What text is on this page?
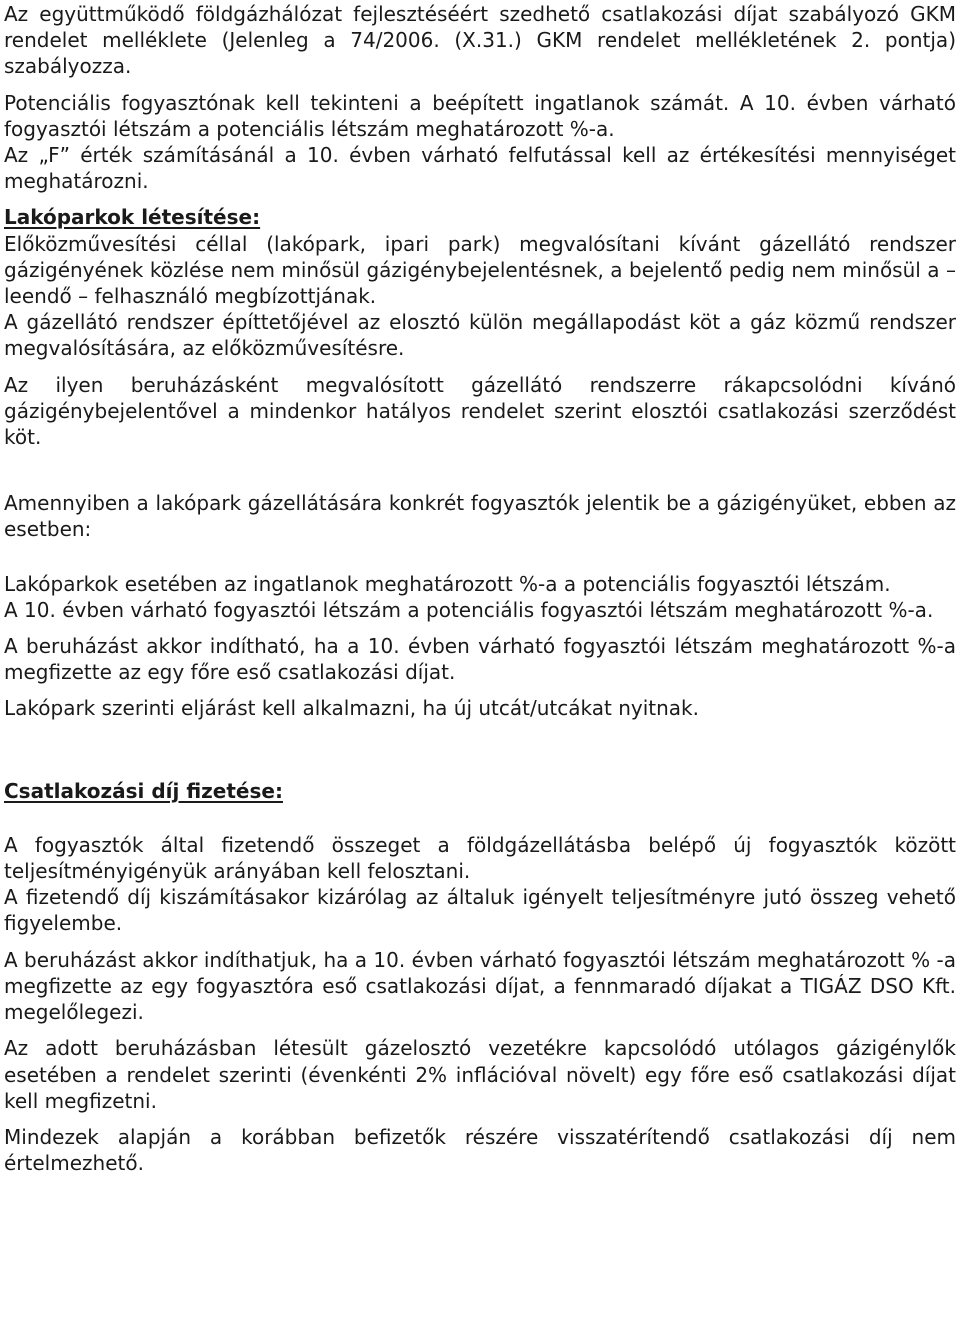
Az együttműködő földgázhálózat fejlesztéséért szedhető csatlakozási díjat szabályozó GKM rendelet melléklete (Jelenleg a 74/2006. (X.31.) GKM rendelet mellékletének 2. pontja) szabályozza.

Potenciális fogyasztónak kell tekinteni a beépített ingatlanok számát. A 10. évben várható fogyasztói létszám a potenciális létszám meghatározott %-a.

Az „F” érték számításánál a 10. évben várható felfutással kell az értékesítési mennyiséget meghatározni.

Lakóparkok létesítése:

Előközművesítési céllal (lakópark, ipari park) megvalósítani kívánt gázellátó rendszer gázigényének közlése nem minősül gázigénybejelentésnek, a bejelentő pedig nem minősül a – leendő – felhasználó megbízottjának.

A gázellátó rendszer építtetőjével az elosztó külön megállapodást köt a gáz közmű rendszer megvalósítására, az előközművesítésre.

Az ilyen beruházásként megvalósított gázellátó rendszerre rákapcsolódni kívánó gázigénybejelentővel a mindenkor hatályos rendelet szerint elosztói csatlakozási szerződést köt.

Amennyiben a lakópark gázellátására konkrét fogyasztók jelentik be a gázigényüket, ebben az esetben:

Lakóparkok esetében az ingatlanok meghatározott %-a a potenciális fogyasztói létszám.

A 10. évben várható fogyasztói létszám a potenciális fogyasztói létszám meghatározott %-a.

A beruházást akkor indítható, ha a 10. évben várható fogyasztói létszám meghatározott %-a megfizette az egy főre eső csatlakozási díjat.

Lakópark szerinti eljárást kell alkalmazni, ha új utcát/utcákat nyitnak.

Csatlakozási díj fizetése:

A fogyasztók által fizetendő összeget a földgázellátásba belépő új fogyasztók között teljesítményigényük arányában kell felosztani.

A fizetendő díj kiszámításakor kizárólag az általuk igényelt teljesítményre jutó összeg vehető figyelembe.

A beruházást akkor indíthatjuk, ha a 10. évben várható fogyasztói létszám meghatározott % -a megfizette az egy fogyasztóra eső csatlakozási díjat, a fennmaradó díjakat a TIGÁZ DSO Kft. megelőlegezi.

Az adott beruházásban létesült gázelosztó vezetékre kapcsolódó utólagos gázigénylők esetében a rendelet szerinti (évenkénti 2% inflációval növelt) egy főre eső csatlakozási díjat kell megfizetni.

Mindezek alapján a korábban befizetők részére visszatérítendő csatlakozási díj nem értelmezhető.
